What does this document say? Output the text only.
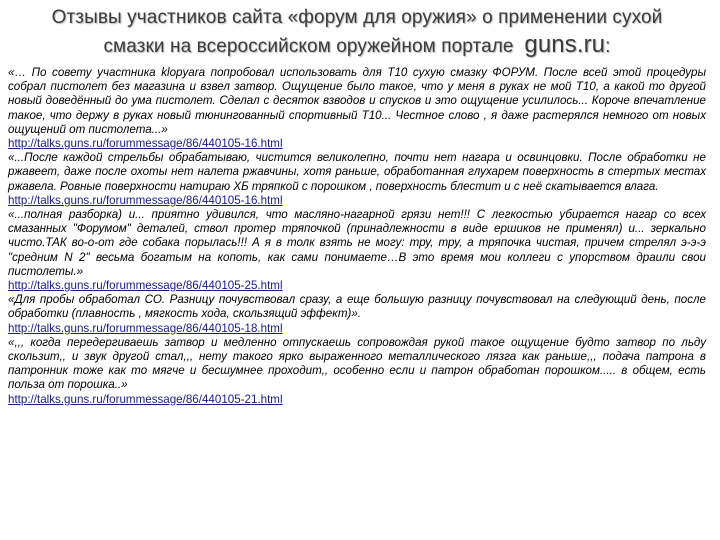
Отзывы участников сайта «форум для оружия» о применении сухой
смазки на всероссийском оружейном портале guns.ru:

«… По совету участника klopyara попробовал использовать для Т10 сухую смазку ФОРУМ. После всей этой процедуры собрал пистолет без магазина и взвел затвор. Ощущение было такое, что у меня в руках не мой Т10, а какой то другой новый доведённый до ума пистолет. Сделал с десяток взводов и спусков и это ощущение усилилось... Короче впечатление такое, что держу в руках новый тюнингованный спортивный Т10... Честное слово , я даже растерялся немного от новых ощущений от пистолета...»

http://talks.guns.ru/forummessage/86/440105-16.html

«...После каждой стрельбы обрабатываю, чистится великолепно, почти нет нагара и освинцовки. После обработки не ржавеет, даже после охоты нет налета ржавчины, хотя раньше, обработанная глухарем поверхность в стертых местах ржавела. Ровные поверхности натираю ХБ тряпкой с порошком , поверхность блестит и с неё скатывается влага.

http://talks.guns.ru/forummessage/86/440105-16.html

«...полная разборка) и... приятно удивился, что масляно-нагарной грязи нет!!! С легкостью убирается нагар со всех смазанных "Форумом" деталей, ствол протер тряпочкой (принадлежности в виде ершиков не применял) и... зеркально чисто.ТАК во-о-от где собака порылась!!! А я в толк взять не могу: тру, тру, а тряпочка чистая, причем стрелял э-э-э "средним N 2" весьма богатым на копоть, как сами понимаете…В это время мои коллеги с упорством драили свои пистолеты.»

http://talks.guns.ru/forummessage/86/440105-25.html

«Для пробы обработал СО. Разницу почувствовал сразу, а еще большую разницу почувствовал на следующий день, после обработки (плавность , мягкость хода, скользящий эффект)».

http://talks.guns.ru/forummessage/86/440105-18.html

«,,, когда передергиваешь затвор и медленно отпускаешь сопровождая рукой такое ощущение будто затвор по льду скользит,, и звук другой стал,,, нету такого ярко выраженного металлического лязга как раньше,,, подача патрона в патронник тоже как то мягче и бесшумнее проходит,, особенно если и патрон обработан порошком..... в общем, есть польза от порошка..»

http://talks.guns.ru/forummessage/86/440105-21.html
